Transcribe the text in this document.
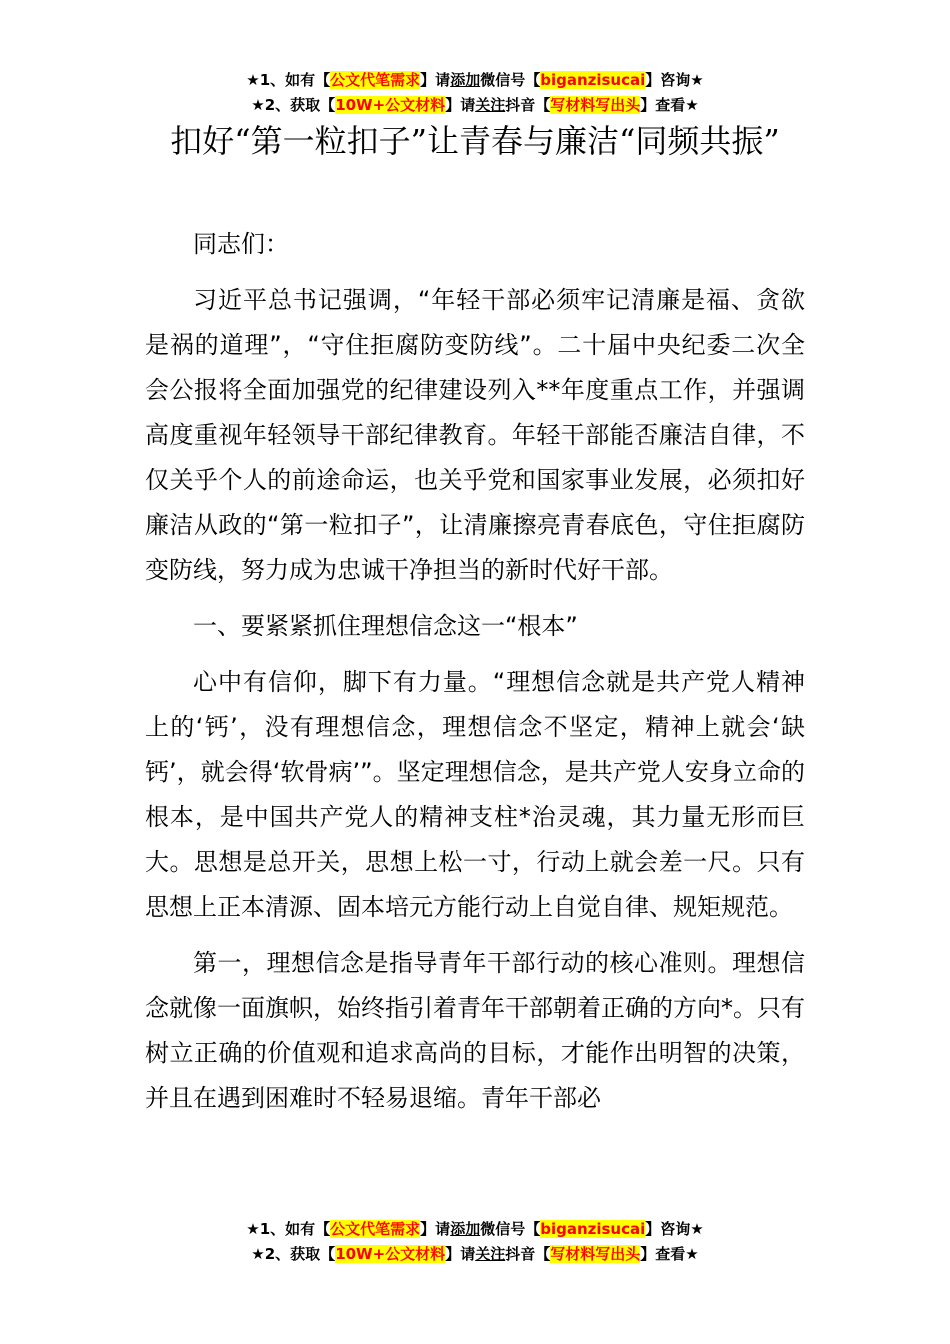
★1、如有【公文代笔需求】请添加微信号【biganzisucai】咨询★
★2、获取【10W+公文材料】请关注抖音【写材料写出头】查看★
扣好“第一粒扣子”让青春与廉洁“同频共振”

同志们：

习近平总书记强调，“年轻干部必须牢记清廉是福、贪欲是祸的道理”，“守住拒腐防变防线”。二十届中央纪委二次全会公报将全面加强党的纪律建设列入**年度重点工作，并强调高度重视年轻领导干部纪律教育。年轻干部能否廉洁自律，不仅关乎个人的前途命运，也关乎党和国家事业发展，必须扣好廉洁从政的“第一粒扣子”，让清廉擦亮青春底色，守住拒腐防变防线，努力成为忠诚干净担当的新时代好干部。

一、要紧紧抓住理想信念这一“根本”

心中有信仰，脚下有力量。“理想信念就是共产党人精神上的‘钙’，没有理想信念，理想信念不坚定，精神上就会‘缺钙’，就会得‘软骨病’”。坚定理想信念，是共产党人安身立命的根本，是中国共产党人的精神支柱*治灵魂，其力量无形而巨大。思想是总开关，思想上松一寸，行动上就会差一尺。只有思想上正本清源、固本培元方能行动上自觉自律、规矩规范。

第一，理想信念是指导青年干部行动的核心准则。理想信念就像一面旗帜，始终指引着青年干部朝着正确的方向*。只有树立正确的价值观和追求高尚的目标，才能作出明智的决策，并且在遇到困难时不轻易退缩。青年干部必

★1、如有【公文代笔需求】请添加微信号【biganzisucai】咨询★
★2、获取【10W+公文材料】请关注抖音【写材料写出头】查看★
